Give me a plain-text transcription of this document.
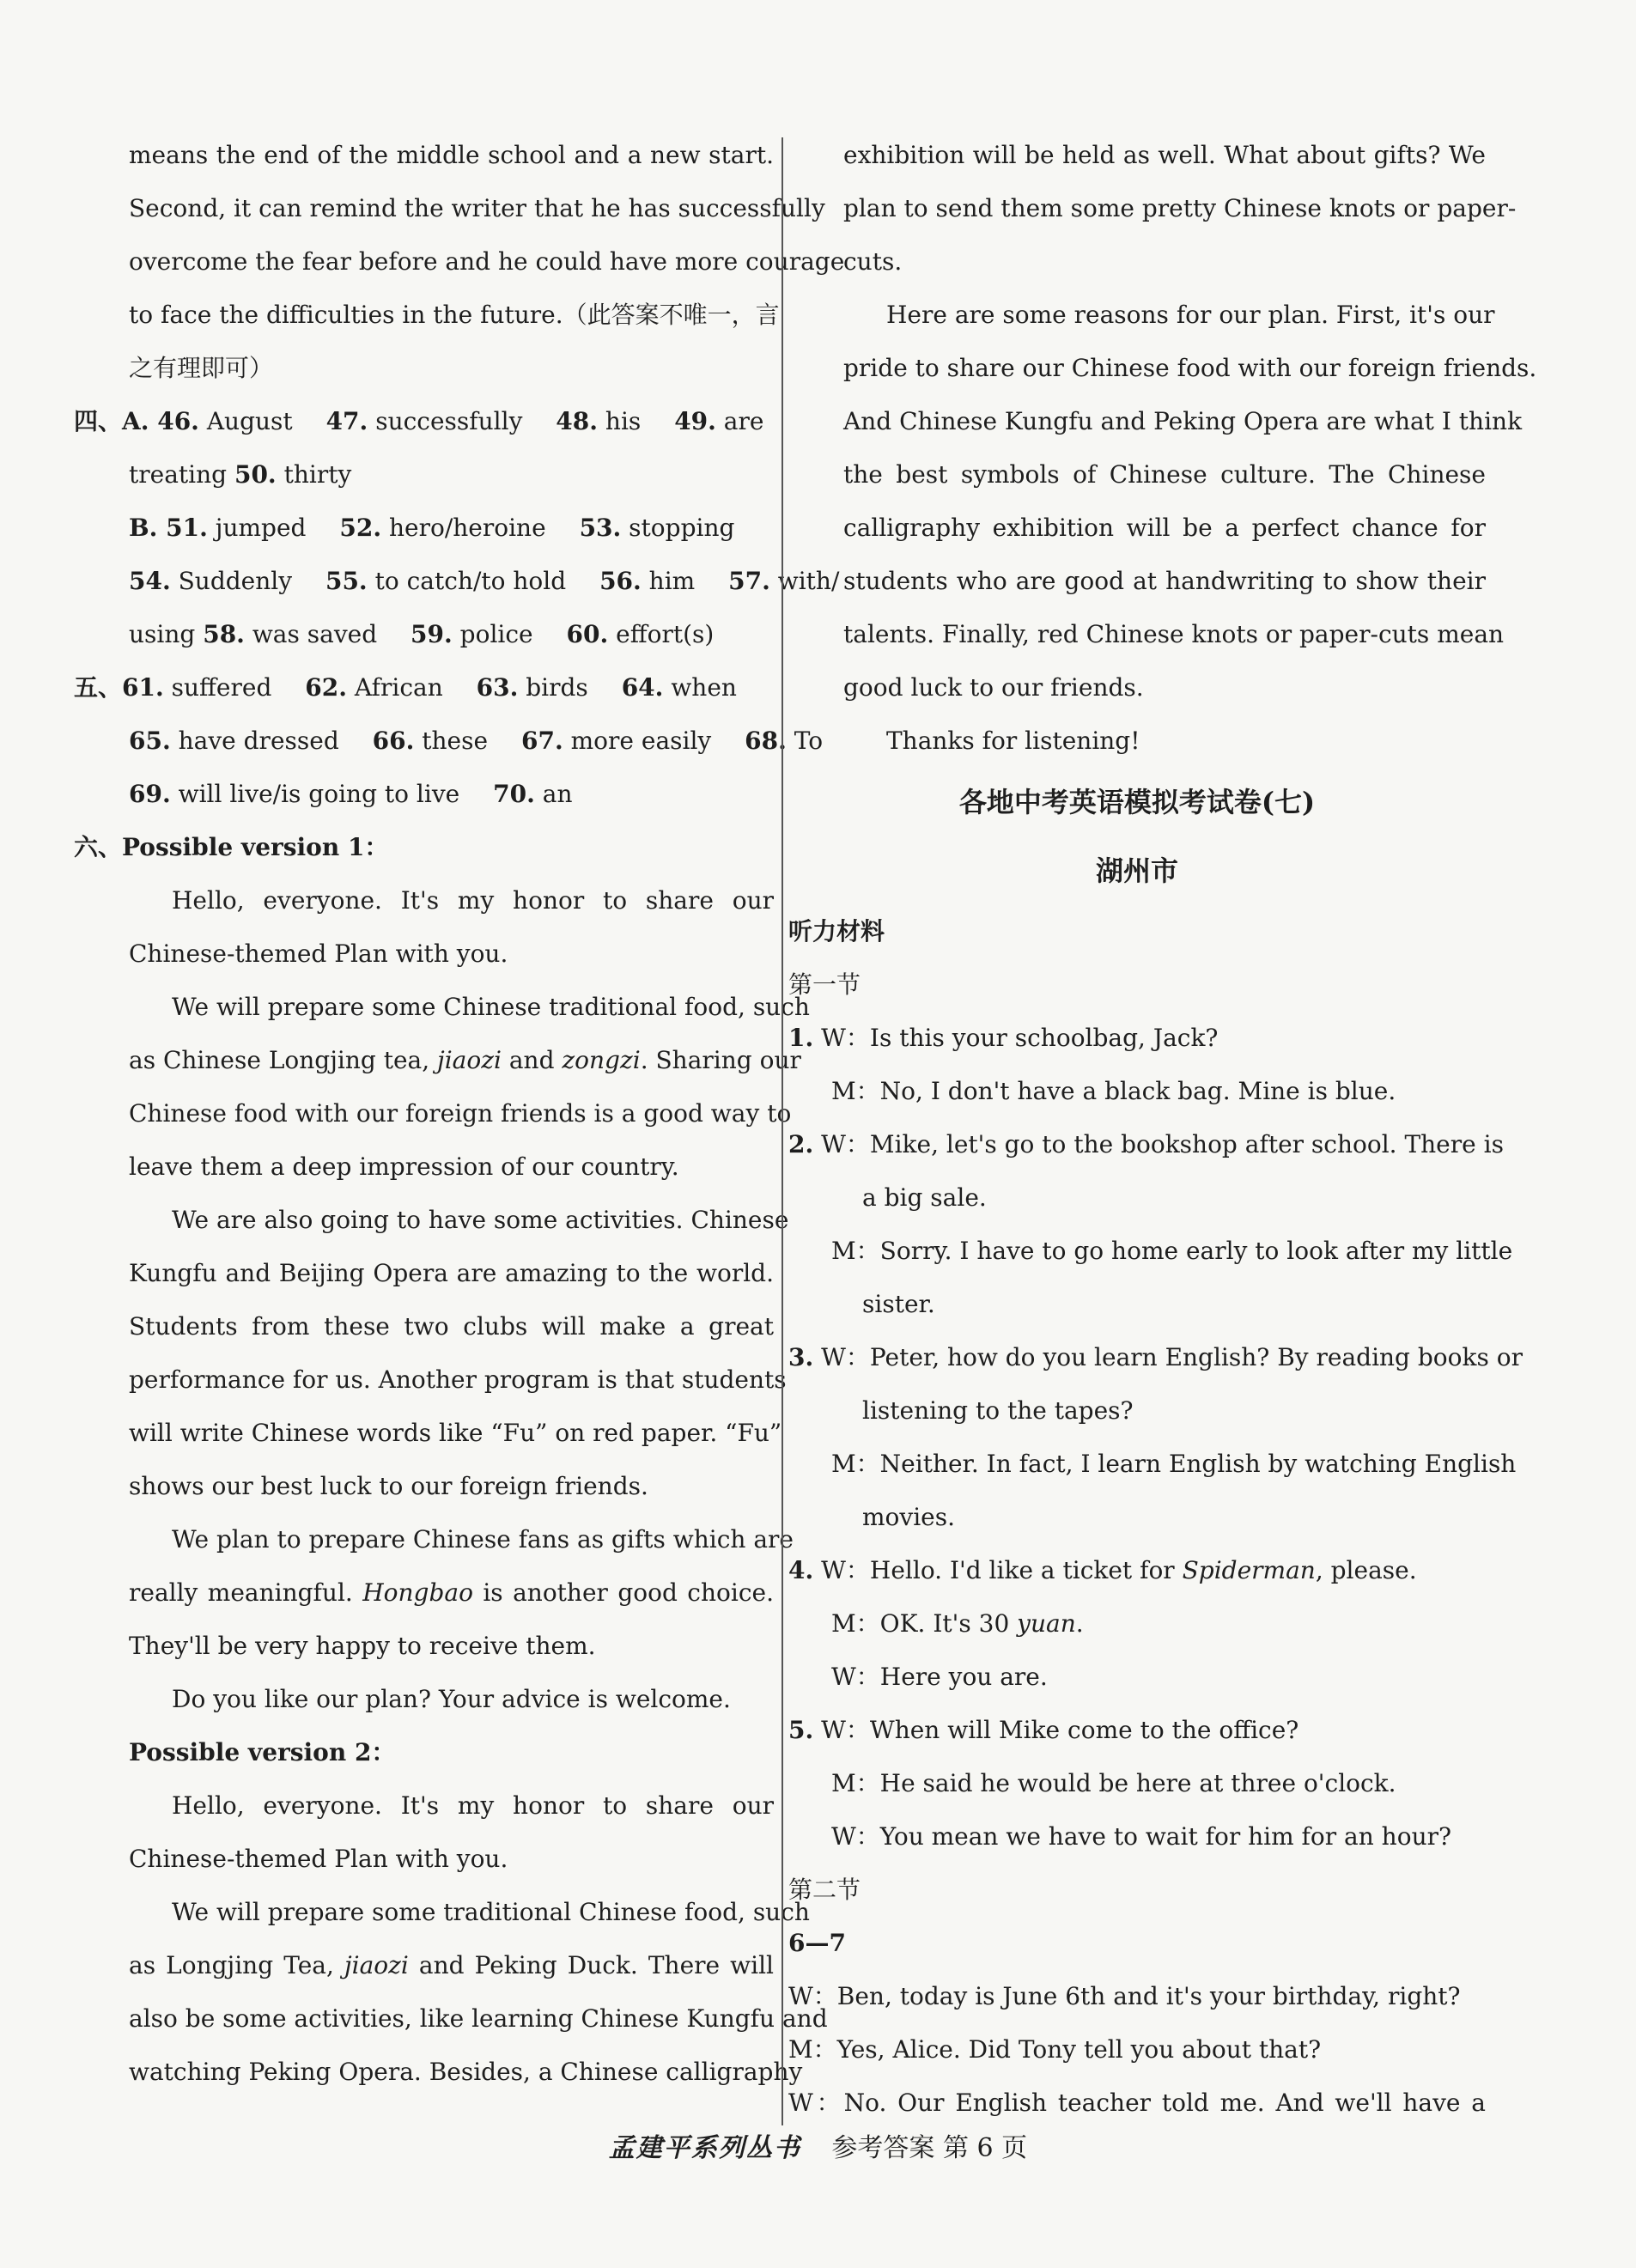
means the end of the middle school and a new start.
Second, it can remind the writer that he has successfully
overcome the fear before and he could have more courage
to face the difficulties in the future.（此答案不唯一，言
之有理即可）
四、A. 46. August 47. successfully 48. his 49. are
treating 50. thirty
B. 51. jumped 52. hero/heroine 53. stopping
54. Suddenly 55. to catch/to hold 56. him 57. with/
using 58. was saved 59. police 60. effort(s)
五、61. suffered 62. African 63. birds 64. when
65. have dressed 66. these 67. more easily 68. To
69. will live/is going to live 70. an
六、Possible version 1：
Hello, everyone. It's my honor to share our
Chinese-themed Plan with you.
We will prepare some Chinese traditional food, such
as Chinese Longjing tea, jiaozi and zongzi. Sharing our
Chinese food with our foreign friends is a good way to
leave them a deep impression of our country.
We are also going to have some activities. Chinese
Kungfu and Beijing Opera are amazing to the world.
Students from these two clubs will make a great
performance for us. Another program is that students
will write Chinese words like “Fu” on red paper. “Fu”
shows our best luck to our foreign friends.
We plan to prepare Chinese fans as gifts which are
really meaningful. Hongbao is another good choice.
They'll be very happy to receive them.
Do you like our plan? Your advice is welcome.
Possible version 2：
Hello, everyone. It's my honor to share our
Chinese-themed Plan with you.
We will prepare some traditional Chinese food, such
as Longjing Tea, jiaozi and Peking Duck. There will
also be some activities, like learning Chinese Kungfu and
watching Peking Opera. Besides, a Chinese calligraphy
exhibition will be held as well. What about gifts? We
plan to send them some pretty Chinese knots or paper-
cuts.
Here are some reasons for our plan. First, it's our
pride to share our Chinese food with our foreign friends.
And Chinese Kungfu and Peking Opera are what I think
the best symbols of Chinese culture. The Chinese
calligraphy exhibition will be a perfect chance for
students who are good at handwriting to show their
talents. Finally, red Chinese knots or paper-cuts mean
good luck to our friends.
Thanks for listening!
各地中考英语模拟考试卷(七)
湖州市
听力材料
第一节
1. W：Is this your schoolbag, Jack?
M：No, I don't have a black bag. Mine is blue.
2. W：Mike, let's go to the bookshop after school. There is
a big sale.
M：Sorry. I have to go home early to look after my little
sister.
3. W：Peter, how do you learn English? By reading books or
listening to the tapes?
M：Neither. In fact, I learn English by watching English
movies.
4. W：Hello. I'd like a ticket for Spiderman, please.
M：OK. It's 30 yuan.
W：Here you are.
5. W：When will Mike come to the office?
M：He said he would be here at three o'clock.
W：You mean we have to wait for him for an hour?
第二节
6—7
W：Ben, today is June 6th and it's your birthday, right?
M：Yes, Alice. Did Tony tell you about that?
W：No. Our English teacher told me. And we'll have a
孟建平系列丛书 参考答案 第 6 页
